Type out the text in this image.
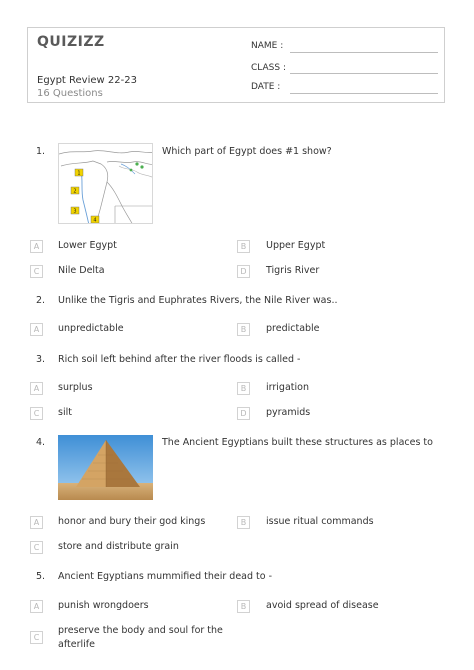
QUIZIZZ
Egypt Review 22-23
16 Questions
NAME :
CLASS :
DATE :
1.
1
2
3
4
Which part of Egypt does #1 show?
A	Lower Egypt	B	Upper Egypt
C	Nile Delta	D	Tigris River
2. Unlike the Tigris and Euphrates Rivers, the Nile River was..
A	unpredictable	B	predictable
3. Rich soil left behind after the river floods is called -
A	surplus	B	irrigation
C	silt	D	pyramids
4.	The Ancient Egyptians built these structures as places to
A	honor and bury their god kings	B	issue ritual commands
C	store and distribute grain
5. Ancient Egyptians mummified their dead to -
A	punish wrongdoers	B	avoid spread of disease
C
preserve the body and soul for the afterlife
